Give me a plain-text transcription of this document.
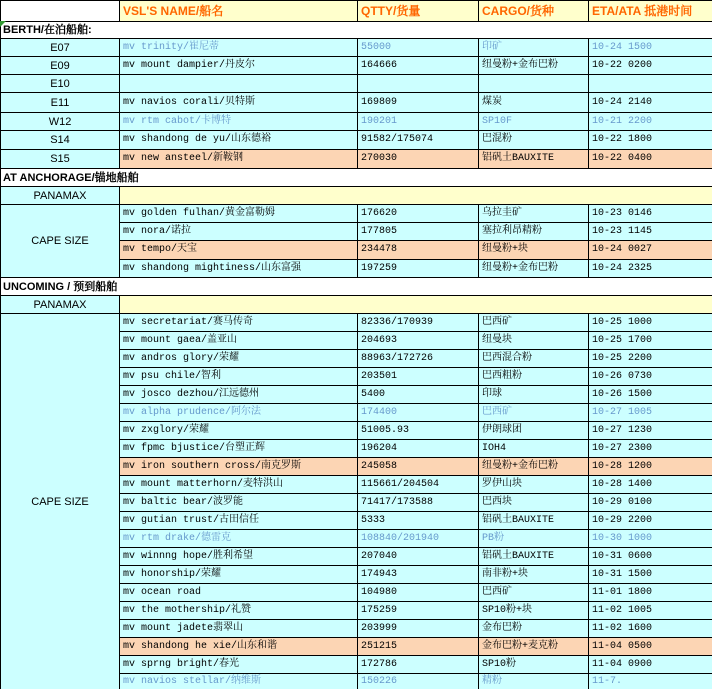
	VSL'S NAME/船名	QTTY/货量	CARGO/货种	ETA/ATA 抵港时间
BERTH/在泊船舶:				
E07	mv trinity/崔尼蒂	55000	印矿	10-24 1500
E09	mv mount dampier/丹皮尔	164666	纽曼粉+金布巴粉	10-22 0200
E10				
E11	mv navios corali/贝特斯	169809	煤炭	10-24 2140
W12	mv rtm cabot/卡博特	190201	SP10F	10-21 2200
S14	mv shandong de yu/山东德裕	91582/175074	巴混粉	10-22 1800
S15	mv new ansteel/新鞍钢	270030	铝矾土BAUXITE	10-22 0400
AT ANCHORAGE/锚地船舶				
PANAMAX				
CAPE SIZE	mv golden fulhan/黄金富勒姆	176620	乌拉圭矿	10-23 0146
	mv nora/诺拉	177805	塞拉利昂精粉	10-23 1145
	mv tempo/天宝	234478	纽曼粉+块	10-24 0027
	mv shandong mightiness/山东富强	197259	纽曼粉+金布巴粉	10-24 2325
UNCOMING / 预到船舶				
PANAMAX				
CAPE SIZE	mv secretariat/赛马传奇	82336/170939	巴西矿	10-25 1000
	mv mount gaea/盖亚山	204693	纽曼块	10-25 1700
	mv andros glory/荣耀	88963/172726	巴西混合粉	10-25 2200
	mv psu chile/智利	203501	巴西粗粉	10-26 0730
	mv josco dezhou/江远德州	5400	印球	10-26 1500
	mv alpha prudence/阿尔法	174400	巴西矿	10-27 1005
	mv zxglory/荣耀	51005.93	伊朗球团	10-27 1230
	mv fpmc bjustice/台塑正辉	196204	IOH4	10-27 2300
	mv iron southern cross/南克罗斯	245058	纽曼粉+金布巴粉	10-28 1200
	mv mount matterhorn/麦特洪山	115661/204504	罗伊山块	10-28 1400
	mv baltic bear/波罗能	71417/173588	巴西块	10-29 0100
	mv gutian trust/古田信任	5333	铝矾土BAUXITE	10-29 2200
	mv rtm drake/德雷克	108840/201940	PB粉	10-30 1000
	mv winnng hope/胜利希望	207040	铝矾土BAUXITE	10-31 0600
	mv honorship/荣耀	174943	南非粉+块	10-31 1500
	mv ocean road	104980	巴西矿	11-01 1800
	mv the mothership/礼赞	175259	SP10粉+块	11-02 1005
	mv mount jadete翡翠山	203999	金布巴粉	11-02 1600
	mv shandong he xie/山东和谐	251215	金布巴粉+麦克粉	11-04 0500
	mv sprng bright/春光	172786	SP10粉	11-04 0900
	mv navios stellar/纳维斯	150226	精粉	11-7.
